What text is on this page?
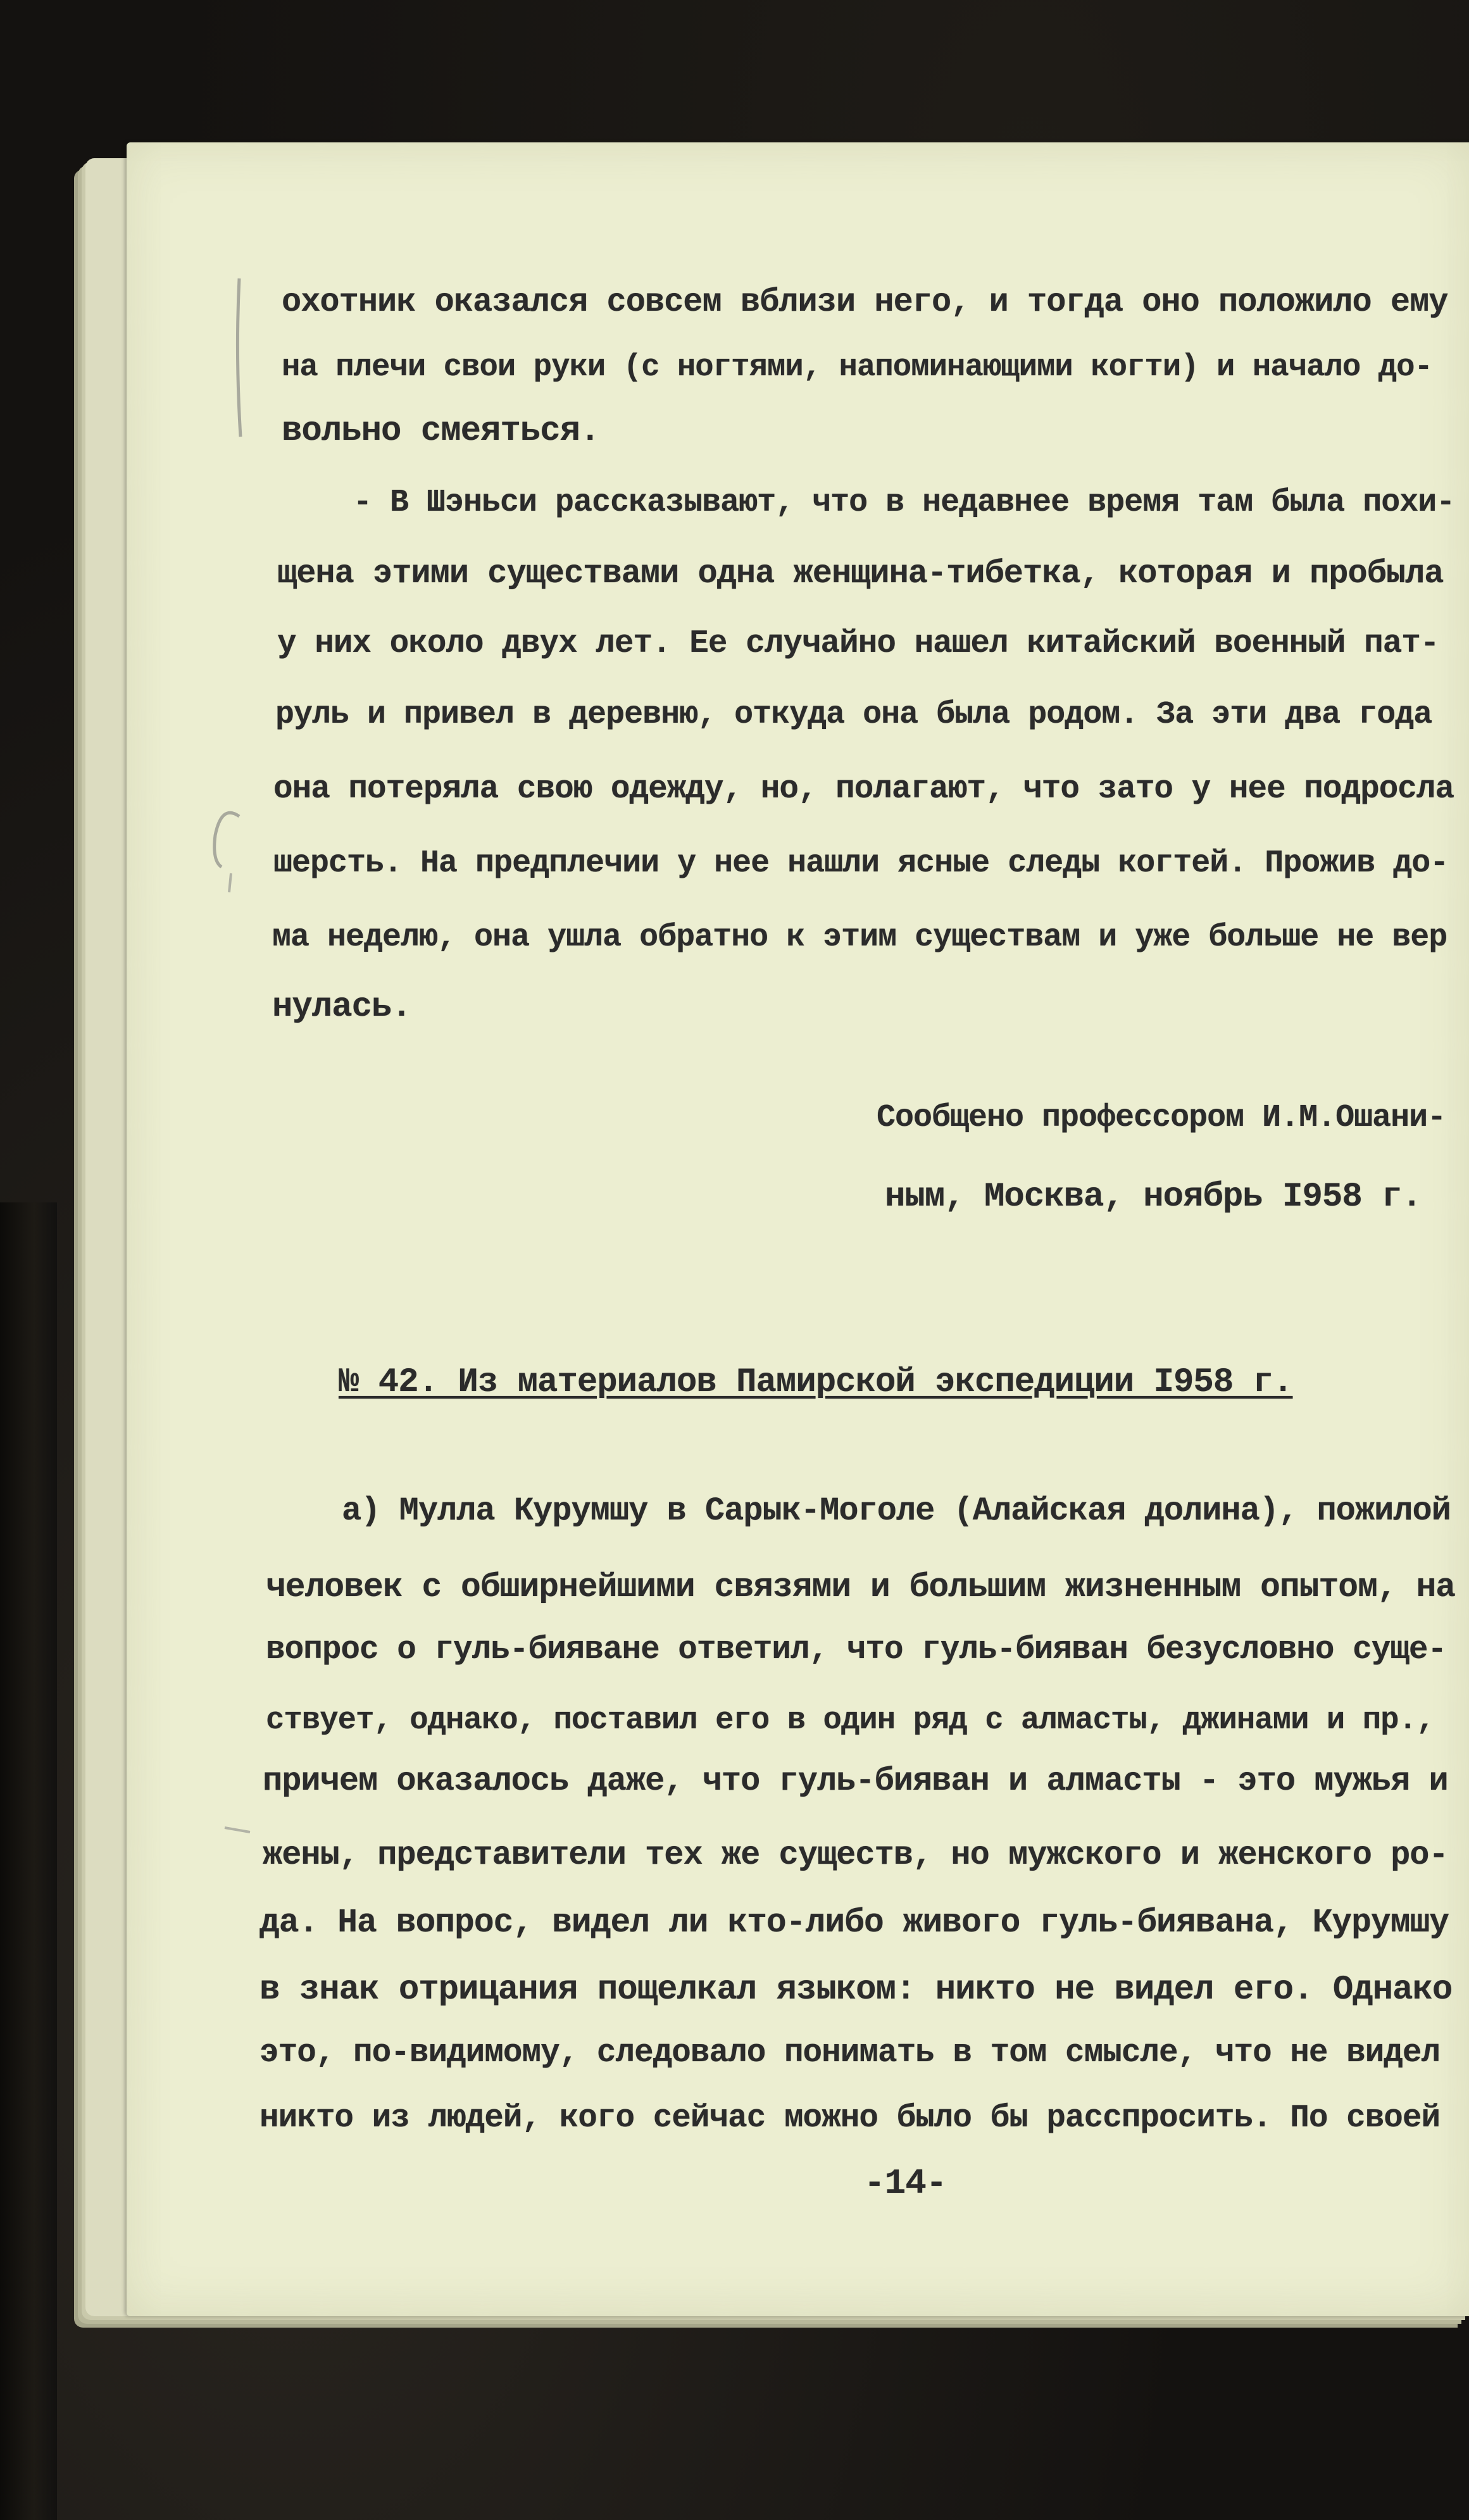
охотник оказался совсем вблизи него, и тогда оно положило ему
на плечи свои руки (с ногтями, напоминающими когти) и начало до-
вольно смеяться.
- В Шэньси рассказывают, что в недавнее время там была похи-
щена этими существами одна женщина-тибетка, которая и пробыла
у них около двух лет. Ее случайно нашел китайский военный пат-
руль и привел в деревню, откуда она была родом. За эти два года
она потеряла свою одежду, но, полагают, что зато у нее подросла
шерсть. На предплечии у нее нашли ясные следы когтей. Прожив до-
ма неделю, она ушла обратно к этим существам и уже больше не вер
нулась.
Сообщено профессором И.М.Ошани-
ным, Москва, ноябрь I958 г.
№ 42. Из материалов Памирской экспедиции I958 г.
а) Мулла Курумшу в Сарык-Моголе (Алайская долина), пожилой
человек с обширнейшими связями и большим жизненным опытом, на
вопрос о гуль-бияване ответил, что гуль-бияван безусловно суще-
ствует, однако, поставил его в один ряд с алмасты, джинами и пр.,
причем оказалось даже, что гуль-бияван и алмасты - это мужья и
жены, представители тех же существ, но мужского и женского ро-
да. На вопрос, видел ли кто-либо живого гуль-биявана, Курумшу
в знак отрицания пощелкал языком: никто не видел его. Однако
это, по-видимому, следовало понимать в том смысле, что не видел
никто из людей, кого сейчас можно было бы расспросить. По своей
-14-
